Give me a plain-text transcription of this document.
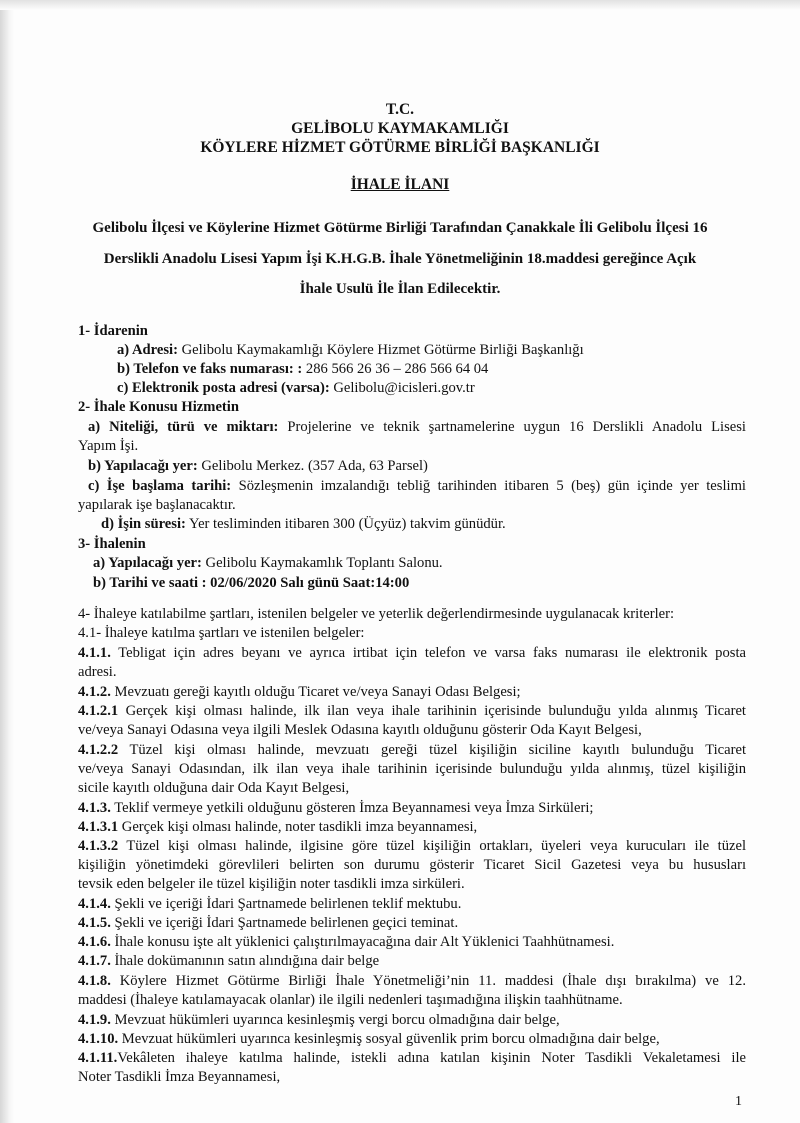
T.C.
GELİBOLU KAYMAKAMLIĞI
KÖYLERE HİZMET GÖTÜRME BİRLİĞİ BAŞKANLIĞI
İHALE İLANI
Gelibolu İlçesi ve Köylerine Hizmet Götürme Birliği Tarafından Çanakkale İli Gelibolu İlçesi 16
Derslikli Anadolu Lisesi Yapım İşi K.H.G.B. İhale Yönetmeliğinin 18.maddesi gereğince Açık
İhale Usulü İle İlan Edilecektir.
1- İdarenin
a) Adresi: Gelibolu Kaymakamlığı Köylere Hizmet Götürme Birliği Başkanlığı
b) Telefon ve faks numarası: : 286 566 26 36 – 286 566 64 04
c) Elektronik posta adresi (varsa): Gelibolu@icisleri.gov.tr
2- İhale Konusu Hizmetin
a) Niteliği, türü ve miktarı: Projelerine ve teknik şartnamelerine uygun 16 Derslikli Anadolu Lisesi
Yapım İşi.
b) Yapılacağı yer: Gelibolu Merkez. (357 Ada, 63 Parsel)
c) İşe başlama tarihi: Sözleşmenin imzalandığı tebliğ tarihinden itibaren 5 (beş) gün içinde yer teslimi
yapılarak işe başlanacaktır.
d) İşin süresi: Yer tesliminden itibaren 300 (Üçyüz) takvim günüdür.
3- İhalenin
a) Yapılacağı yer: Gelibolu Kaymakamlık Toplantı Salonu.
b) Tarihi ve saati : 02/06/2020 Salı günü Saat:14:00
4- İhaleye katılabilme şartları, istenilen belgeler ve yeterlik değerlendirmesinde uygulanacak kriterler:
4.1- İhaleye katılma şartları ve istenilen belgeler:
4.1.1. Tebligat için adres beyanı ve ayrıca irtibat için telefon ve varsa faks numarası ile elektronik posta
adresi.
4.1.2. Mevzuatı gereği kayıtlı olduğu Ticaret ve/veya Sanayi Odası Belgesi;
4.1.2.1 Gerçek kişi olması halinde, ilk ilan veya ihale tarihinin içerisinde bulunduğu yılda alınmış Ticaret
ve/veya Sanayi Odasına veya ilgili Meslek Odasına kayıtlı olduğunu gösterir Oda Kayıt Belgesi,
4.1.2.2 Tüzel kişi olması halinde, mevzuatı gereği tüzel kişiliğin siciline kayıtlı bulunduğu Ticaret
ve/veya Sanayi Odasından, ilk ilan veya ihale tarihinin içerisinde bulunduğu yılda alınmış, tüzel kişiliğin
sicile kayıtlı olduğuna dair Oda Kayıt Belgesi,
4.1.3. Teklif vermeye yetkili olduğunu gösteren İmza Beyannamesi veya İmza Sirküleri;
4.1.3.1 Gerçek kişi olması halinde, noter tasdikli imza beyannamesi,
4.1.3.2 Tüzel kişi olması halinde, ilgisine göre tüzel kişiliğin ortakları, üyeleri veya kurucuları ile tüzel
kişiliğin yönetimdeki görevlileri belirten son durumu gösterir Ticaret Sicil Gazetesi veya bu hususları
tevsik eden belgeler ile tüzel kişiliğin noter tasdikli imza sirküleri.
4.1.4. Şekli ve içeriği İdari Şartnamede belirlenen teklif mektubu.
4.1.5. Şekli ve içeriği İdari Şartnamede belirlenen geçici teminat.
4.1.6. İhale konusu işte alt yüklenici çalıştırılmayacağına dair Alt Yüklenici Taahhütnamesi.
4.1.7. İhale dokümanının satın alındığına dair belge
4.1.8. Köylere Hizmet Götürme Birliği İhale Yönetmeliği’nin 11. maddesi (İhale dışı bırakılma) ve 12.
maddesi (İhaleye katılamayacak olanlar) ile ilgili nedenleri taşımadığına ilişkin taahhütname.
4.1.9. Mevzuat hükümleri uyarınca kesinleşmiş vergi borcu olmadığına dair belge,
4.1.10. Mevzuat hükümleri uyarınca kesinleşmiş sosyal güvenlik prim borcu olmadığına dair belge,
4.1.11.Vekâleten ihaleye katılma halinde, istekli adına katılan kişinin Noter Tasdikli Vekaletamesi ile
Noter Tasdikli İmza Beyannamesi,
1
